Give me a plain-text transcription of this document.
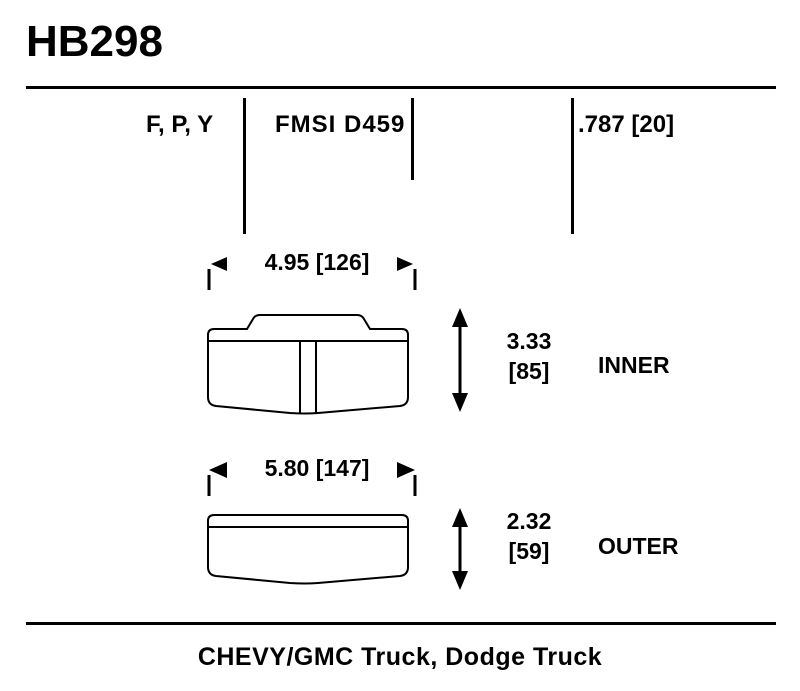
HB298
F, P, Y	FMSI D459	.787 [20]
4.95 [126]
3.33
[85]	INNER
5.80 [147]
2.32
[59]	OUTER
CHEVY/GMC Truck, Dodge Truck
